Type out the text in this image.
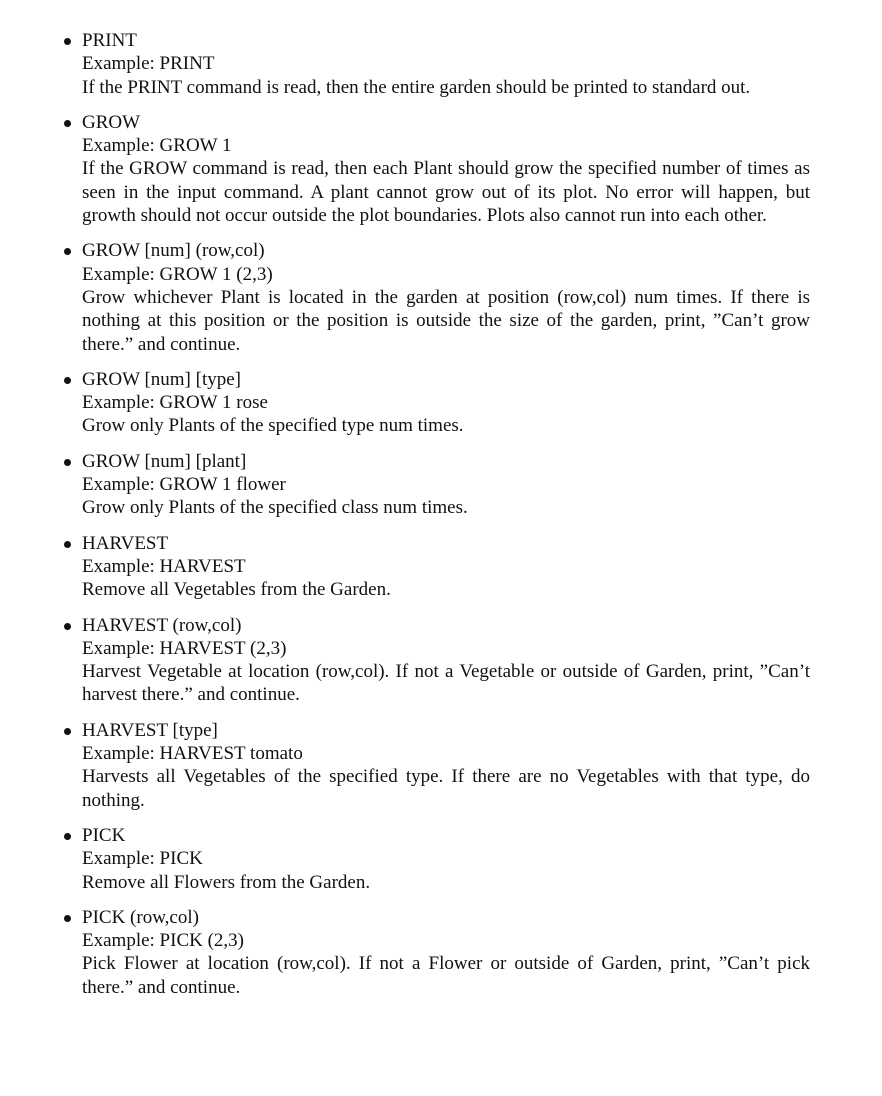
PRINT
Example: PRINT
If the PRINT command is read, then the entire garden should be printed to standard out.
GROW
Example: GROW 1
If the GROW command is read, then each Plant should grow the specified number of times as seen in the input command. A plant cannot grow out of its plot. No error will happen, but growth should not occur outside the plot boundaries. Plots also cannot run into each other.
GROW [num] (row,col)
Example: GROW 1 (2,3)
Grow whichever Plant is located in the garden at position (row,col) num times. If there is nothing at this position or the position is outside the size of the garden, print, ”Can’t grow there.” and continue.
GROW [num] [type]
Example: GROW 1 rose
Grow only Plants of the specified type num times.
GROW [num] [plant]
Example: GROW 1 flower
Grow only Plants of the specified class num times.
HARVEST
Example: HARVEST
Remove all Vegetables from the Garden.
HARVEST (row,col)
Example: HARVEST (2,3)
Harvest Vegetable at location (row,col). If not a Vegetable or outside of Garden, print, ”Can’t harvest there.” and continue.
HARVEST [type]
Example: HARVEST tomato
Harvests all Vegetables of the specified type. If there are no Vegetables with that type, do nothing.
PICK
Example: PICK
Remove all Flowers from the Garden.
PICK (row,col)
Example: PICK (2,3)
Pick Flower at location (row,col). If not a Flower or outside of Garden, print, ”Can’t pick there.” and continue.
